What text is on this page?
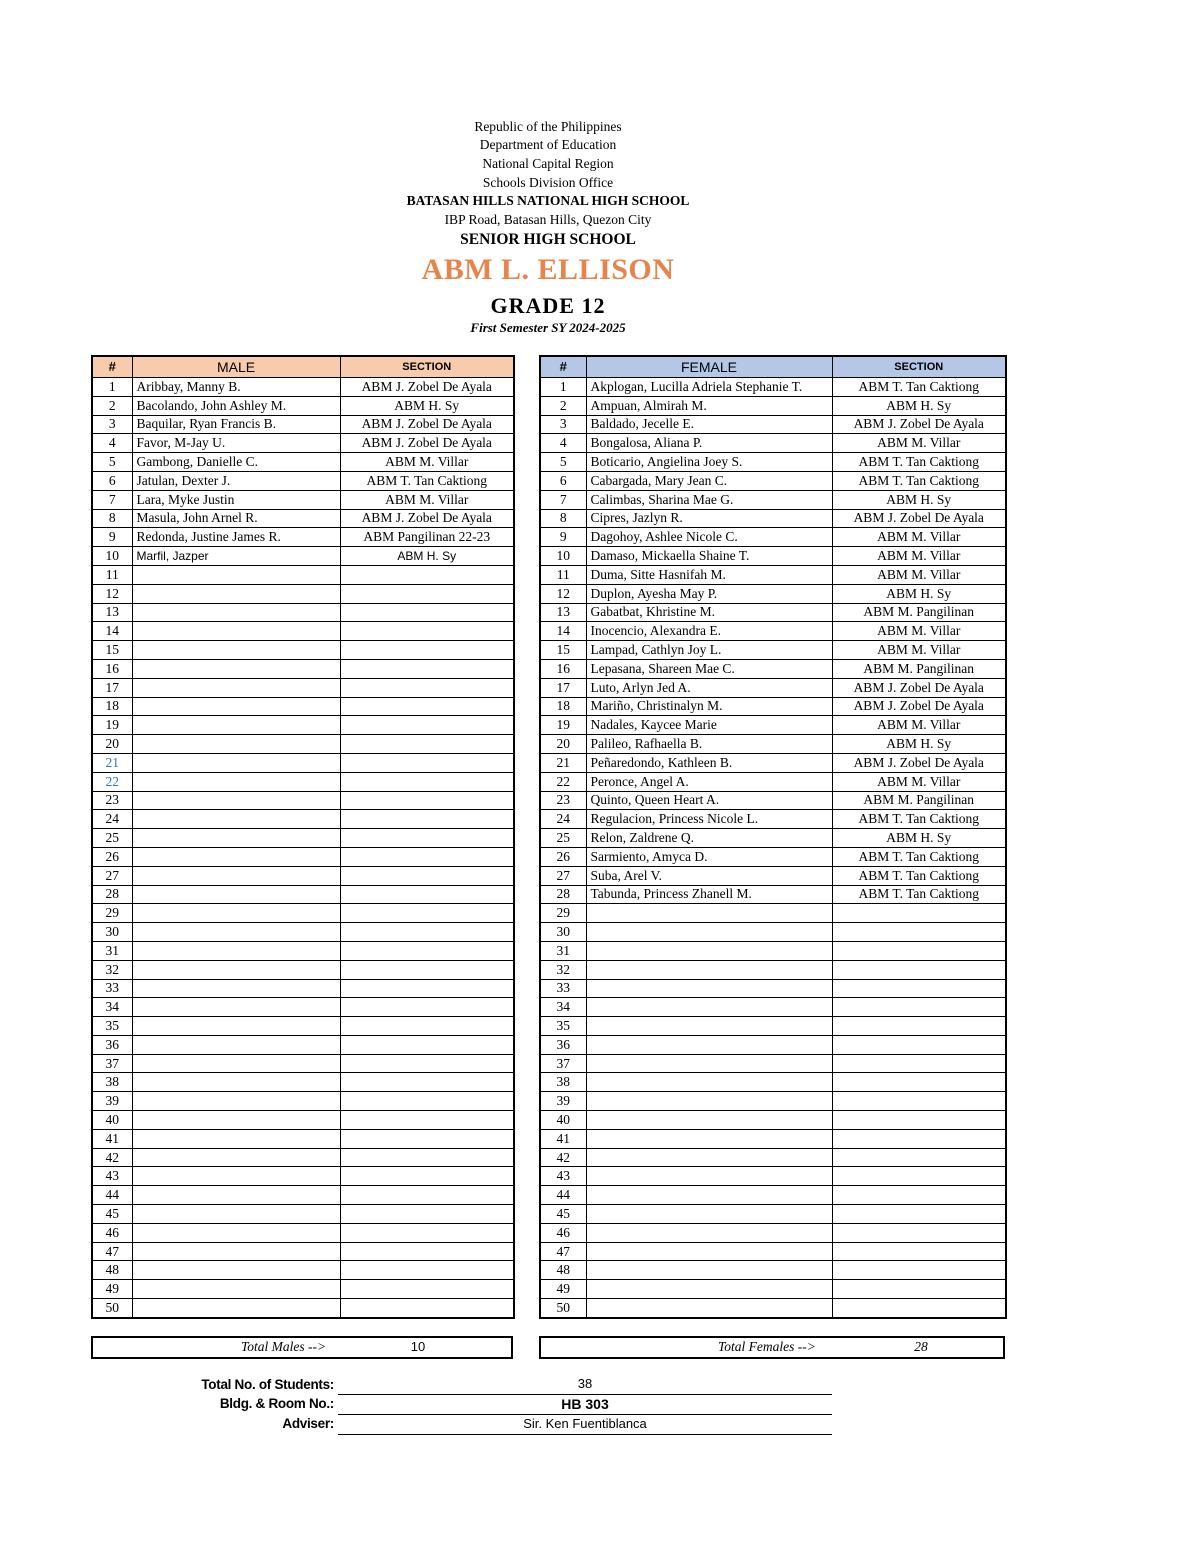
Republic of the Philippines
Department of Education
National Capital Region
Schools Division Office
BATASAN HILLS NATIONAL HIGH SCHOOL
IBP Road, Batasan Hills, Quezon City
SENIOR HIGH SCHOOL
ABM L. ELLISON
GRADE 12
First Semester SY 2024-2025
#	MALE	SECTION
1	Aribbay, Manny B.	ABM J. Zobel De Ayala
2	Bacolando, John Ashley M.	ABM H. Sy
3	Baquilar, Ryan Francis B.	ABM J. Zobel De Ayala
4	Favor, M-Jay U.	ABM J. Zobel De Ayala
5	Gambong, Danielle C.	ABM M. Villar
6	Jatulan, Dexter J.	ABM T. Tan Caktiong
7	Lara, Myke Justin	ABM M. Villar
8	Masula, John Arnel R.	ABM J. Zobel De Ayala
9	Redonda, Justine James R.	ABM Pangilinan 22-23
10	Marfil, Jazper	ABM H. Sy
11		
12		
13		
14		
15		
16		
17		
18		
19		
20		
21		
22		
23		
24		
25		
26		
27		
28		
29		
30		
31		
32		
33		
34		
35		
36		
37		
38		
39		
40		
41		
42		
43		
44		
45		
46		
47		
48		
49		
50		
#	FEMALE	SECTION
1	Akplogan, Lucilla Adriela Stephanie T.	ABM T. Tan Caktiong
2	Ampuan, Almirah M.	ABM H. Sy
3	Baldado, Jecelle E.	ABM J. Zobel De Ayala
4	Bongalosa, Aliana P.	ABM M. Villar
5	Boticario, Angielina Joey S.	ABM T. Tan Caktiong
6	Cabargada, Mary Jean C.	ABM T. Tan Caktiong
7	Calimbas, Sharina Mae G.	ABM H. Sy
8	Cipres, Jazlyn R.	ABM J. Zobel De Ayala
9	Dagohoy, Ashlee Nicole C.	ABM M. Villar
10	Damaso, Mickaella Shaine T.	ABM M. Villar
11	Duma, Sitte Hasnifah M.	ABM M. Villar
12	Duplon, Ayesha May P.	ABM H. Sy
13	Gabatbat, Khristine M.	ABM M. Pangilinan
14	Inocencio, Alexandra E.	ABM M. Villar
15	Lampad, Cathlyn Joy L.	ABM M. Villar
16	Lepasana, Shareen Mae C.	ABM M. Pangilinan
17	Luto, Arlyn Jed A.	ABM J. Zobel De Ayala
18	Mariño, Christinalyn M.	ABM J. Zobel De Ayala
19	Nadales, Kaycee Marie	ABM M. Villar
20	Palileo, Rafhaella B.	ABM H. Sy
21	Peñaredondo, Kathleen B.	ABM J. Zobel De Ayala
22	Peronce, Angel A.	ABM M. Villar
23	Quinto, Queen Heart A.	ABM M. Pangilinan
24	Regulacion, Princess Nicole L.	ABM T. Tan Caktiong
25	Relon, Zaldrene Q.	ABM H. Sy
26	Sarmiento, Amyca D.	ABM T. Tan Caktiong
27	Suba, Arel V.	ABM T. Tan Caktiong
28	Tabunda, Princess Zhanell M.	ABM T. Tan Caktiong
29		
30		
31		
32		
33		
34		
35		
36		
37		
38		
39		
40		
41		
42		
43		
44		
45		
46		
47		
48		
49		
50		
Total Males -->	10	Total Females -->	28
Total No. of Students:	38
Bldg. & Room No.:	HB 303
Adviser:	Sir. Ken Fuentiblanca
